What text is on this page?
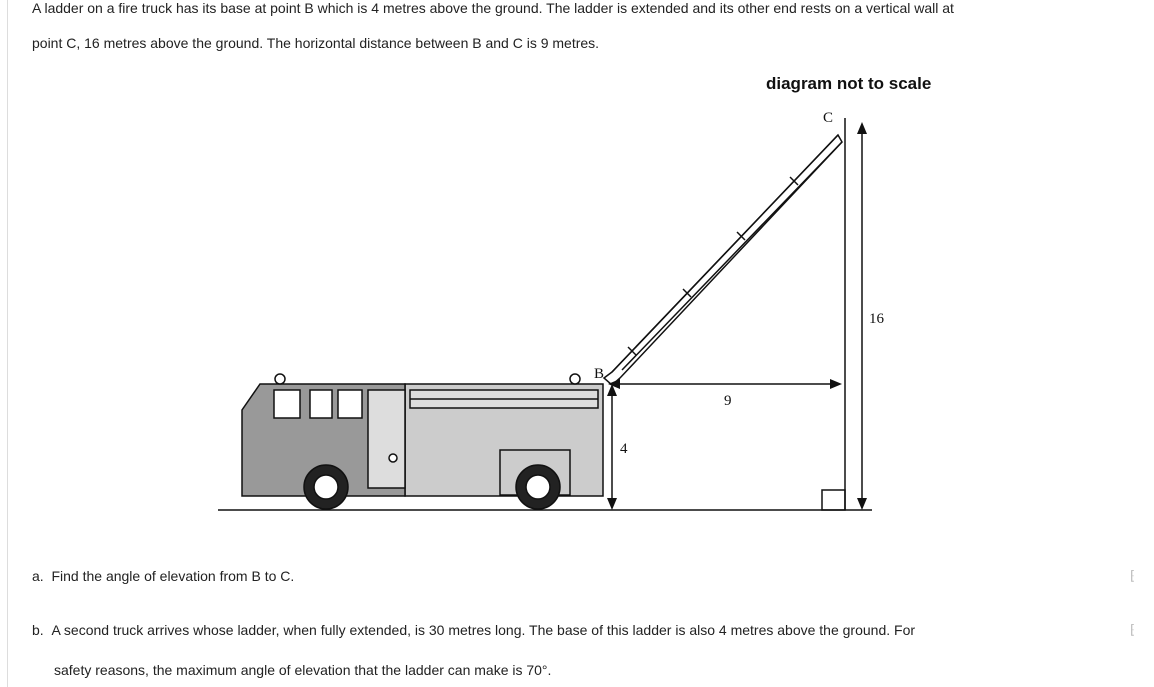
A ladder on a fire truck has its base at point B which is 4 metres above the ground. The ladder is extended and its other end rests on a vertical wall at
point C, 16 metres above the ground. The horizontal distance between B and C is 9 metres.
B
C
16
9
4
diagram not to scale
a. Find the angle of elevation from B to C.	⁅
b. A second truck arrives whose ladder, when fully extended, is 30 metres long. The base of this ladder is also 4 metres above the ground. For	⁅
safety reasons, the maximum angle of elevation that the ladder can make is 70°.
